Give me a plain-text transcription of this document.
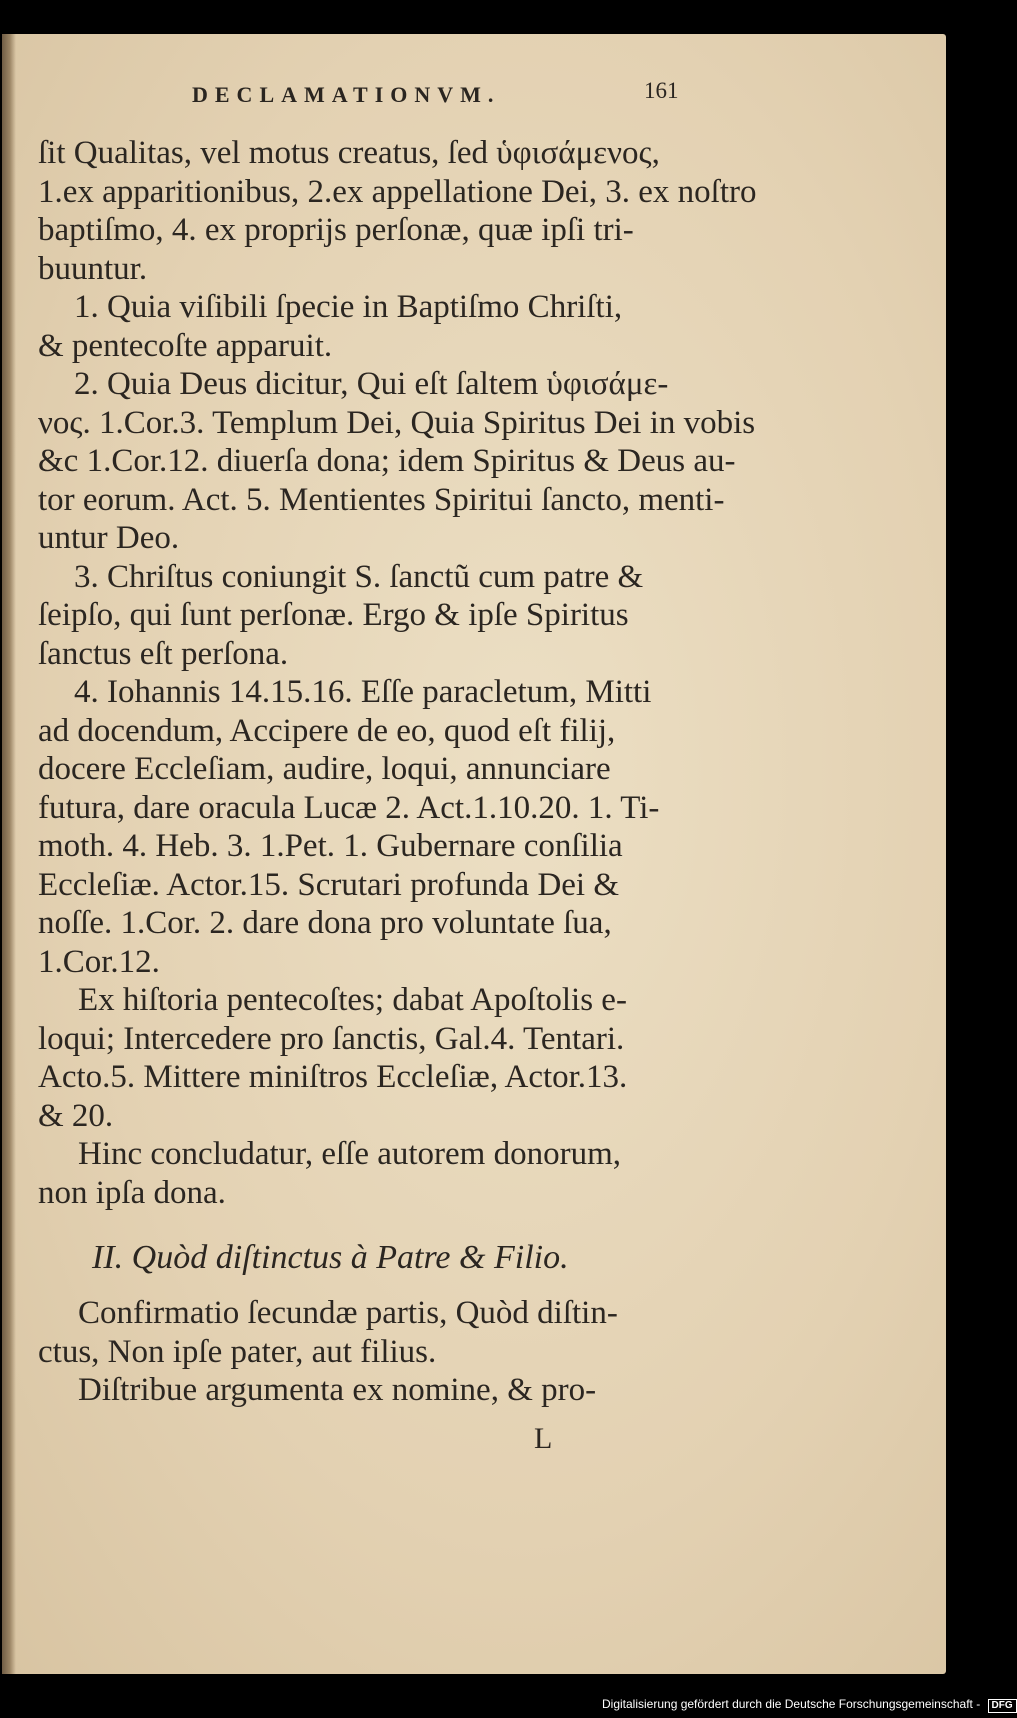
DECLAMATIONVM.	161
ſit Qualitas, vel motus creatus, ſed ὑφισάμενος,
1.ex apparitionibus, 2.ex appellatione Dei, 3. ex noſtro
baptiſmo, 4. ex proprijs perſonæ, quæ ipſi tri-
buuntur.
1. Quia viſibili ſpecie in Baptiſmo Chriſti,
& pentecoſte apparuit.
2. Quia Deus dicitur, Qui eſt ſaltem ὑφισάμε-
νος. 1.Cor.3. Templum Dei, Quia Spiritus Dei in vobis
&c 1.Cor.12. diuerſa dona; idem Spiritus & Deus au-
tor eorum. Act. 5. Mentientes Spiritui ſancto, menti-
untur Deo.
3. Chriſtus coniungit S. ſanctũ cum patre &
ſeipſo, qui ſunt perſonæ. Ergo & ipſe Spiritus
ſanctus eſt perſona.
4. Iohannis 14.15.16. Eſſe paracletum, Mitti
ad docendum, Accipere de eo, quod eſt filij,
docere Eccleſiam, audire, loqui, annunciare
futura, dare oracula Lucæ 2. Act.1.10.20. 1. Ti-
moth. 4. Heb. 3. 1.Pet. 1. Gubernare conſilia
Eccleſiæ. Actor.15. Scrutari profunda Dei &
noſſe. 1.Cor. 2. dare dona pro voluntate ſua,
1.Cor.12.
Ex hiſtoria pentecoſtes; dabat Apoſtolis e-
loqui; Intercedere pro ſanctis, Gal.4. Tentari.
Acto.5. Mittere miniſtros Eccleſiæ, Actor.13.
& 20.
Hinc concludatur, eſſe autorem donorum,
non ipſa dona.
II. Quòd diſtinctus à Patre & Filio.
Confirmatio ſecundæ partis, Quòd diſtin-
ctus, Non ipſe pater, aut filius.
Diſtribue argumenta ex nomine, & pro-
L
Digitalisierung gefördert durch die Deutsche Forschungsgemeinschaft - DFG
